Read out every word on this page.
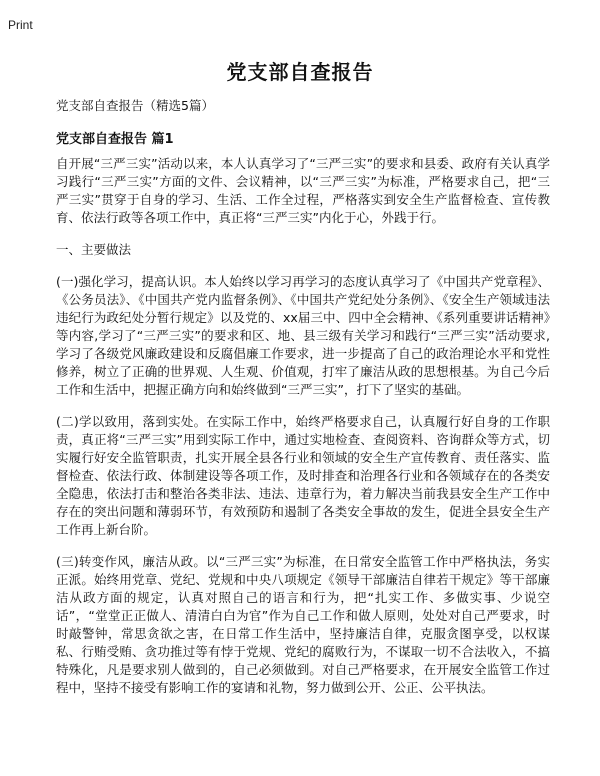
Print
党支部自查报告
党支部自查报告（精选5篇）
党支部自查报告 篇1

自开展“三严三实”活动以来，本人认真学习了“三严三实”的要求和县委、政府有关认真学习践行“三严三实”方面的文件、会议精神，以“三严三实”为标准，严格要求自己，把“三严三实”贯穿于自身的学习、生活、工作全过程，严格落实到安全生产监督检查、宣传教育、依法行政等各项工作中，真正将“三严三实”内化于心，外践于行。

一、主要做法

(一)强化学习，提高认识。本人始终以学习再学习的态度认真学习了《中国共产党章程》、《公务员法》、《中国共产党内监督条例》、《中国共产党纪处分条例》、《安全生产领域违法违纪行为政纪处分暂行规定》以及党的、xx届三中、四中全会精神、《系列重要讲话精神》等内容,学习了“三严三实”的要求和区、地、县三级有关学习和践行“三严三实”活动要求,学习了各级党风廉政建设和反腐倡廉工作要求，进一步提高了自己的政治理论水平和党性修养，树立了正确的世界观、人生观、价值观，打牢了廉洁从政的思想根基。为自己今后工作和生活中，把握正确方向和始终做到“三严三实”，打下了坚实的基础。

(二)学以致用，落到实处。在实际工作中，始终严格要求自己，认真履行好自身的工作职责，真正将“三严三实”用到实际工作中，通过实地检查、查阅资料、咨询群众等方式，切实履行好安全监管职责，扎实开展全县各行业和领域的安全生产宣传教育、责任落实、监督检查、依法行政、体制建设等各项工作，及时排查和治理各行业和各领域存在的各类安全隐患，依法打击和整治各类非法、违法、违章行为，着力解决当前我县安全生产工作中存在的突出问题和薄弱环节，有效预防和遏制了各类安全事故的发生，促进全县安全生产工作再上新台阶。

(三)转变作风，廉洁从政。以“三严三实”为标准，在日常安全监管工作中严格执法，务实正派。始终用党章、党纪、党规和中央八项规定《领导干部廉洁自律若干规定》等干部廉洁从政方面的规定，认真对照自己的语言和行为，把“扎实工作、多做实事、少说空话”，“堂堂正正做人、清清白白为官”作为自己工作和做人原则，处处对自己严要求，时时敲警钟，常思贪欲之害，在日常工作生活中，坚持廉洁自律，克服贪图享受，以权谋私、行贿受贿、贪功推过等有悖于党规、党纪的腐败行为，不谋取一切不合法收入，不搞特殊化，凡是要求别人做到的，自己必须做到。对自己严格要求，在开展安全监管工作过程中，坚持不接受有影响工作的宴请和礼物，努力做到公开、公正、公平执法。
